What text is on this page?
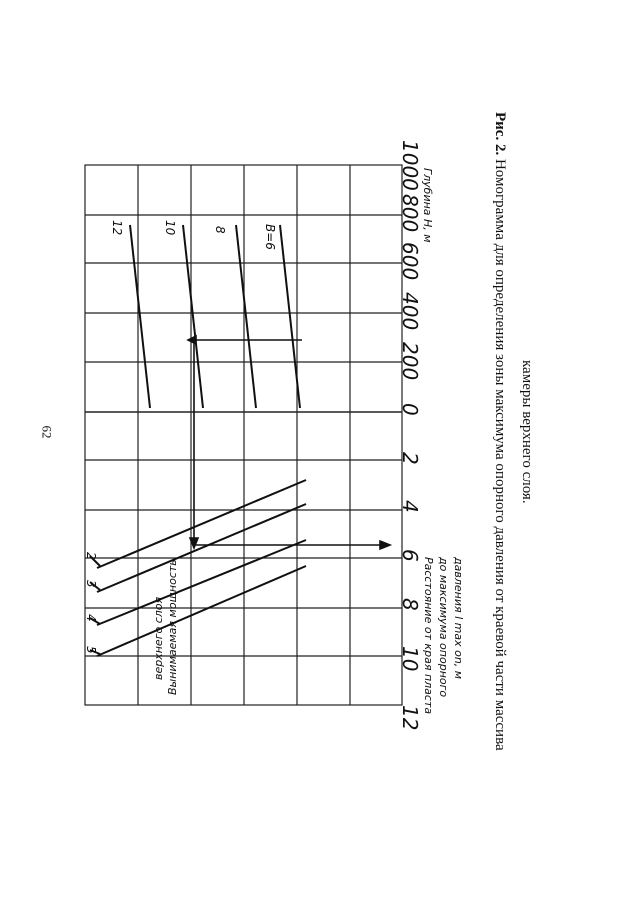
62
12
10
8
6
4
2
0
200
400
600
800
1000
Глубина H, м
Расстояние от края пласта до максимума опорного давления l max on, м
Вынимаемая мощность
верхнего слоя
12	10	8	В=6
2
3
4
5
Рис. 2. Номограмма для определения зоны максимума опорного давления от краевой части массива камеры верхнего слоя.
